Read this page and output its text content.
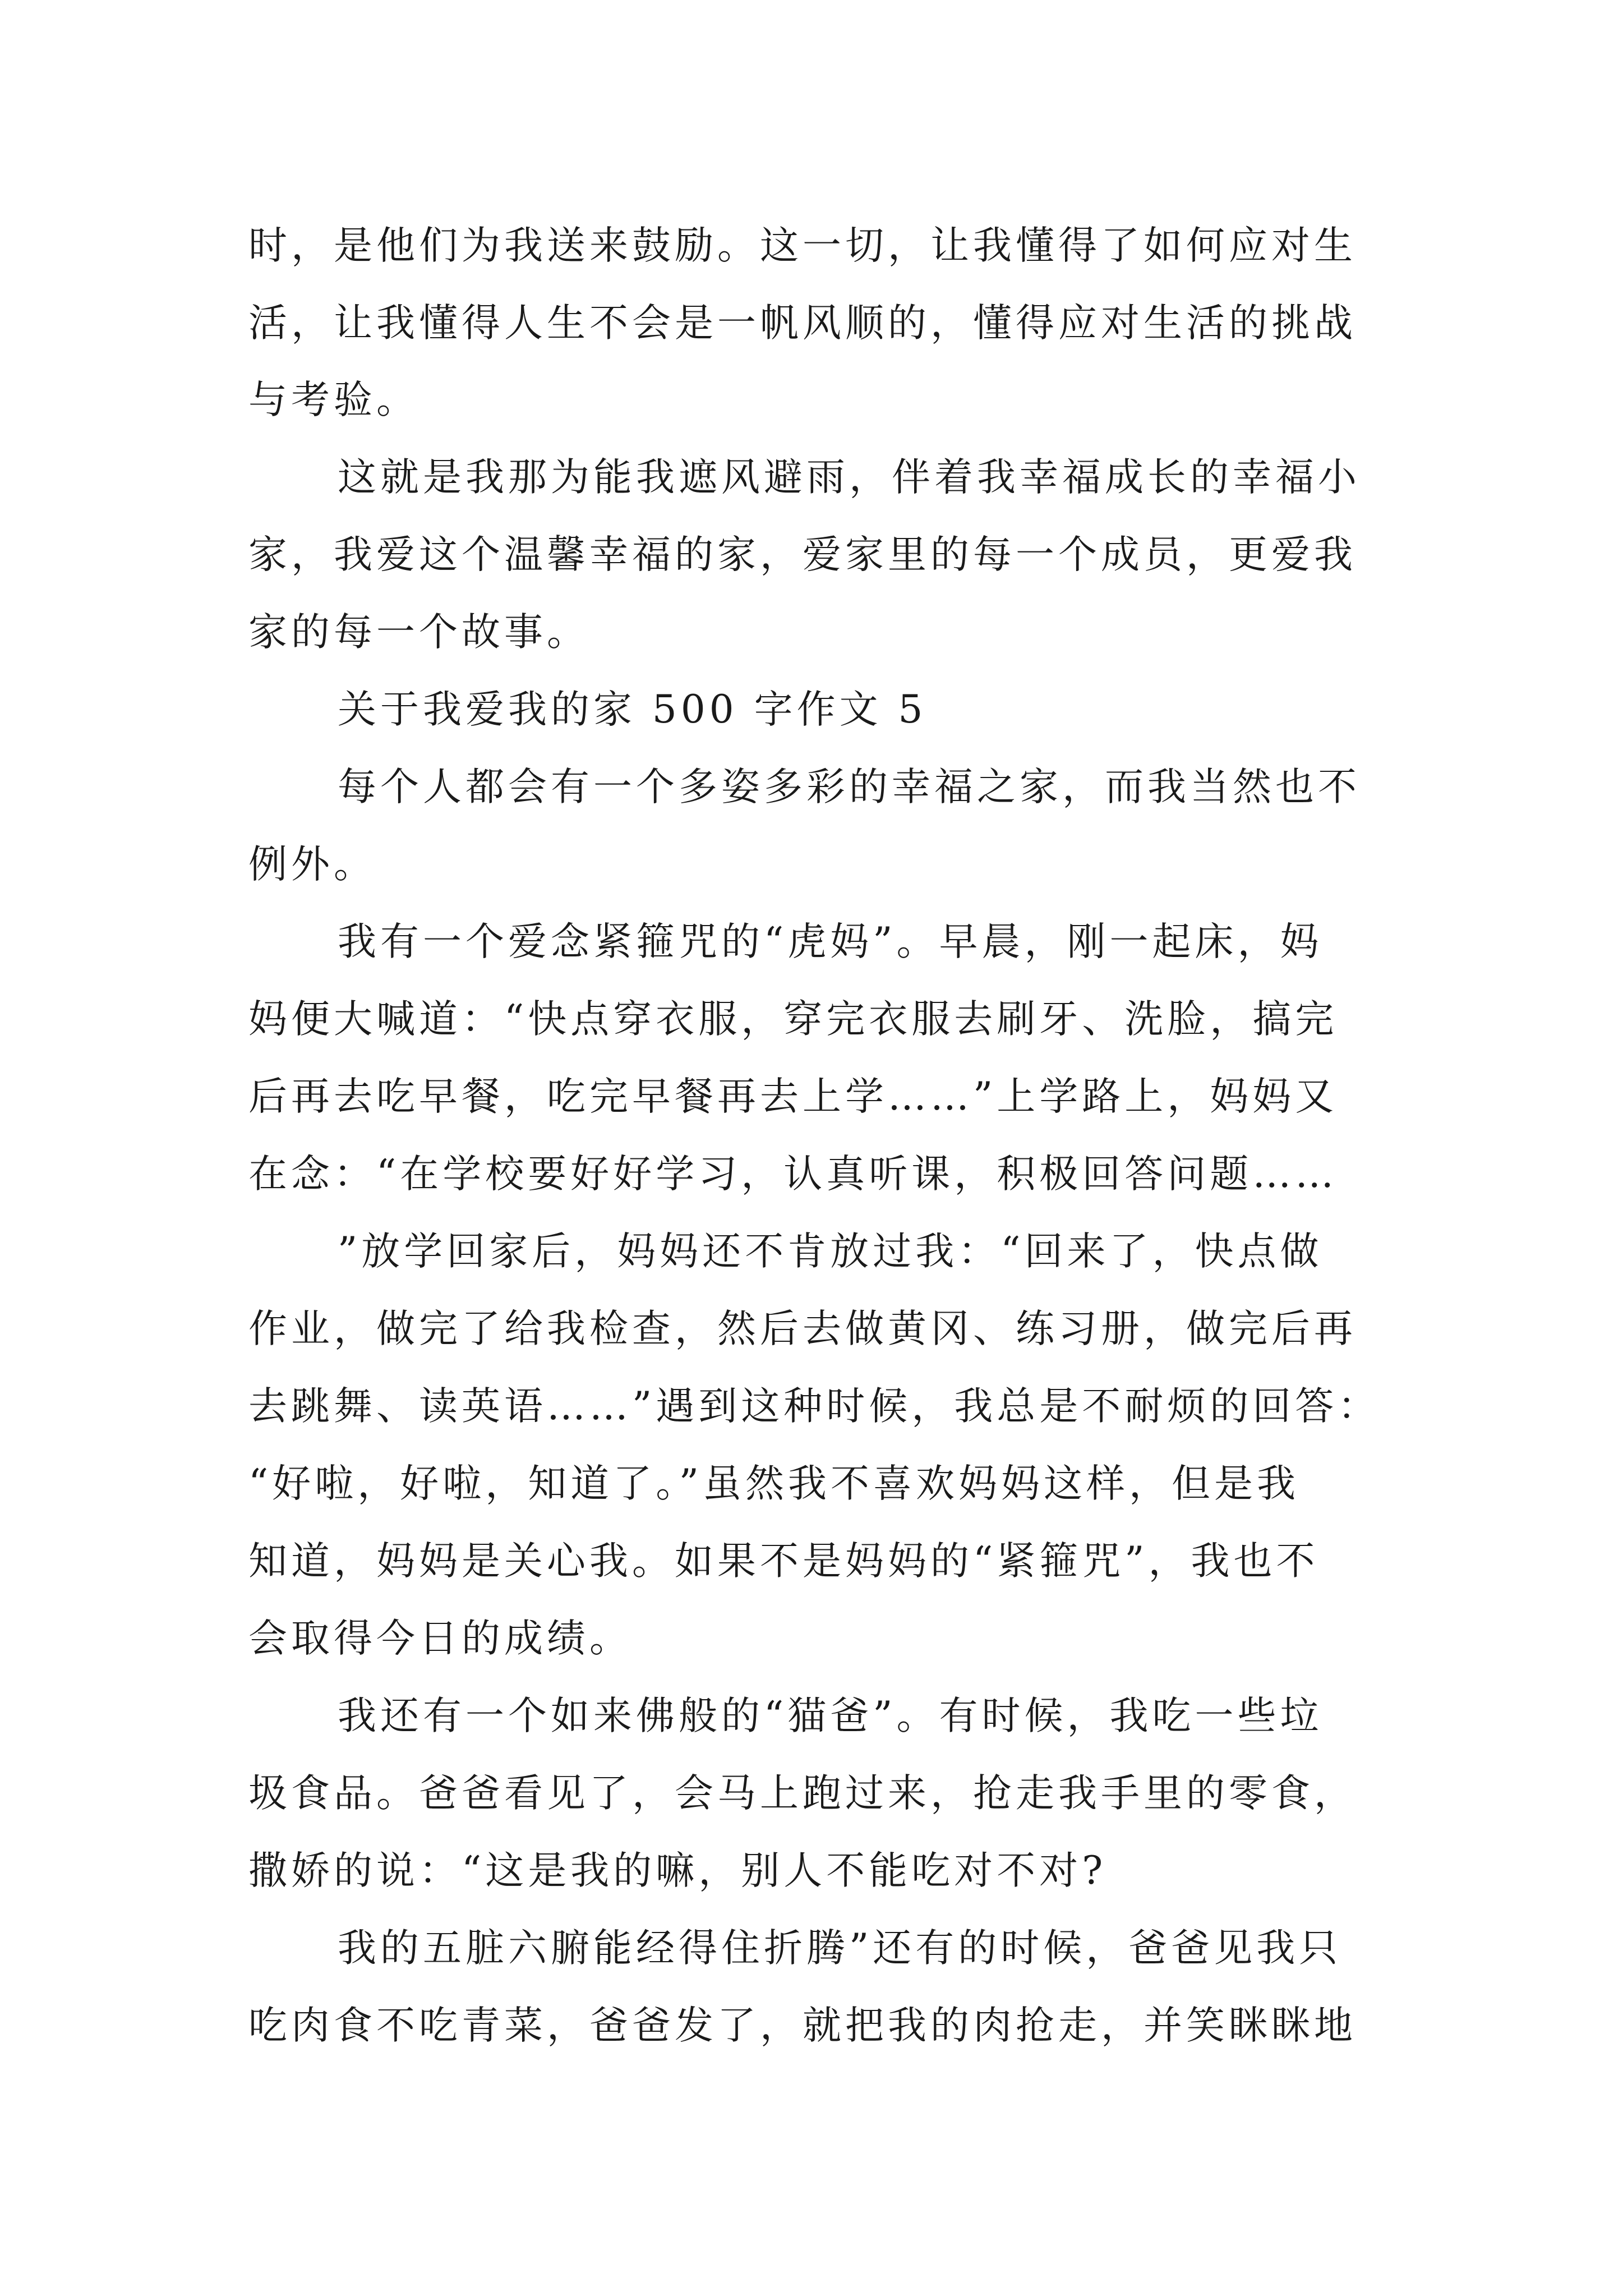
时，是他们为我送来鼓励。这一切，让我懂得了如何应对生

活，让我懂得人生不会是一帆风顺的，懂得应对生活的挑战

与考验。

这就是我那为能我遮风避雨，伴着我幸福成长的幸福小

家，我爱这个温馨幸福的家，爱家里的每一个成员，更爱我

家的每一个故事。

关于我爱我的家 500 字作文 5

每个人都会有一个多姿多彩的幸福之家，而我当然也不

例外。

我有一个爱念紧箍咒的“虎妈”。早晨，刚一起床，妈

妈便大喊道：“快点穿衣服，穿完衣服去刷牙、洗脸，搞完

后再去吃早餐，吃完早餐再去上学……”上学路上，妈妈又

在念：“在学校要好好学习，认真听课，积极回答问题……

”放学回家后，妈妈还不肯放过我：“回来了，快点做

作业，做完了给我检查，然后去做黄冈、练习册，做完后再

去跳舞、读英语……”遇到这种时候，我总是不耐烦的回答：

“好啦，好啦，知道了。”虽然我不喜欢妈妈这样，但是我

知道，妈妈是关心我。如果不是妈妈的“紧箍咒”，我也不

会取得今日的成绩。

我还有一个如来佛般的“猫爸”。有时候，我吃一些垃

圾食品。爸爸看见了，会马上跑过来，抢走我手里的零食，

撒娇的说：“这是我的嘛，别人不能吃对不对?

我的五脏六腑能经得住折腾”还有的时候，爸爸见我只

吃肉食不吃青菜，爸爸发了，就把我的肉抢走，并笑眯眯地
